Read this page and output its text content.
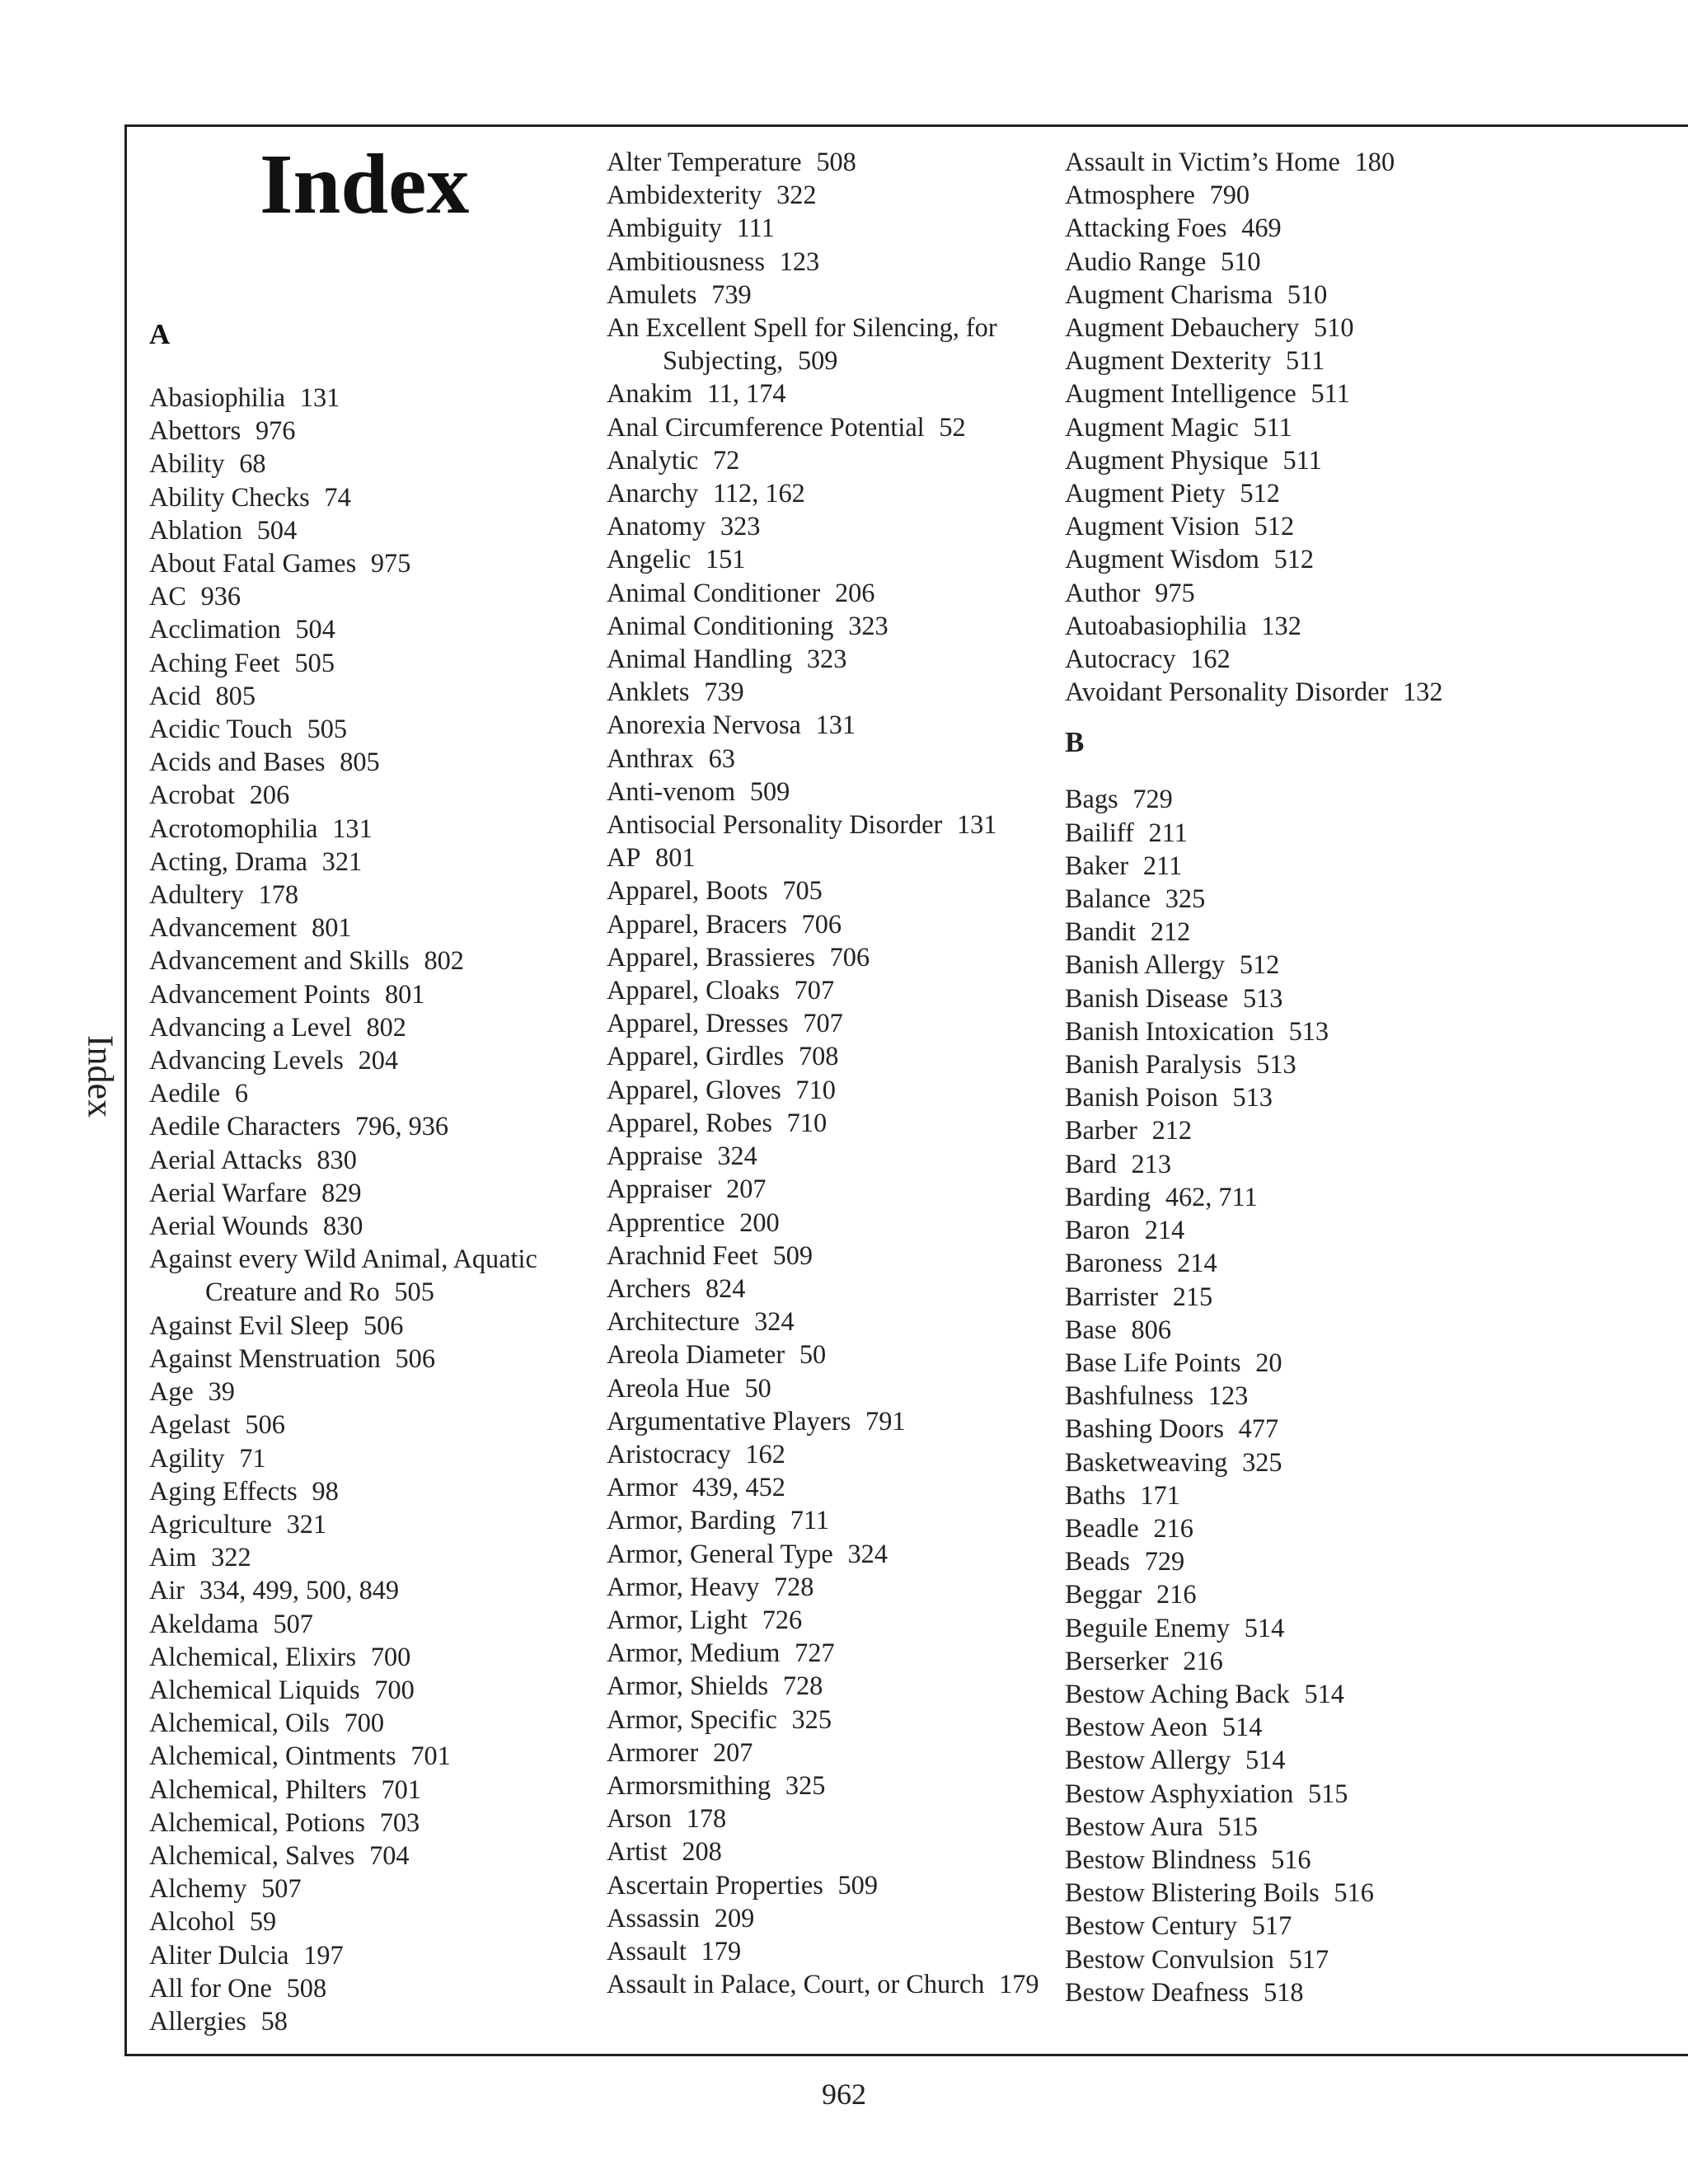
Index
Index
A
Abasiophilia 131
Abettors 976
Ability 68
Ability Checks 74
Ablation 504
About Fatal Games 975
AC 936
Acclimation 504
Aching Feet 505
Acid 805
Acidic Touch 505
Acids and Bases 805
Acrobat 206
Acrotomophilia 131
Acting, Drama 321
Adultery 178
Advancement 801
Advancement and Skills 802
Advancement Points 801
Advancing a Level 802
Advancing Levels 204
Aedile 6
Aedile Characters 796, 936
Aerial Attacks 830
Aerial Warfare 829
Aerial Wounds 830
Against every Wild Animal, Aquatic Creature and Ro 505
Against Evil Sleep 506
Against Menstruation 506
Age 39
Agelast 506
Agility 71
Aging Effects 98
Agriculture 321
Aim 322
Air 334, 499, 500, 849
Akeldama 507
Alchemical, Elixirs 700
Alchemical Liquids 700
Alchemical, Oils 700
Alchemical, Ointments 701
Alchemical, Philters 701
Alchemical, Potions 703
Alchemical, Salves 704
Alchemy 507
Alcohol 59
Aliter Dulcia 197
All for One 508
Allergies 58
Alter Temperature 508
Ambidexterity 322
Ambiguity 111
Ambitiousness 123
Amulets 739
An Excellent Spell for Silencing, for Subjecting, 509
Anakim 11, 174
Anal Circumference Potential 52
Analytic 72
Anarchy 112, 162
Anatomy 323
Angelic 151
Animal Conditioner 206
Animal Conditioning 323
Animal Handling 323
Anklets 739
Anorexia Nervosa 131
Anthrax 63
Anti-venom 509
Antisocial Personality Disorder 131
AP 801
Apparel, Boots 705
Apparel, Bracers 706
Apparel, Brassieres 706
Apparel, Cloaks 707
Apparel, Dresses 707
Apparel, Girdles 708
Apparel, Gloves 710
Apparel, Robes 710
Appraise 324
Appraiser 207
Apprentice 200
Arachnid Feet 509
Archers 824
Architecture 324
Areola Diameter 50
Areola Hue 50
Argumentative Players 791
Aristocracy 162
Armor 439, 452
Armor, Barding 711
Armor, General Type 324
Armor, Heavy 728
Armor, Light 726
Armor, Medium 727
Armor, Shields 728
Armor, Specific 325
Armorer 207
Armorsmithing 325
Arson 178
Artist 208
Ascertain Properties 509
Assassin 209
Assault 179
Assault in Palace, Court, or Church 179
Assault in Victim’s Home 180
Atmosphere 790
Attacking Foes 469
Audio Range 510
Augment Charisma 510
Augment Debauchery 510
Augment Dexterity 511
Augment Intelligence 511
Augment Magic 511
Augment Physique 511
Augment Piety 512
Augment Vision 512
Augment Wisdom 512
Author 975
Autoabasiophilia 132
Autocracy 162
Avoidant Personality Disorder 132
B
Bags 729
Bailiff 211
Baker 211
Balance 325
Bandit 212
Banish Allergy 512
Banish Disease 513
Banish Intoxication 513
Banish Paralysis 513
Banish Poison 513
Barber 212
Bard 213
Barding 462, 711
Baron 214
Baroness 214
Barrister 215
Base 806
Base Life Points 20
Bashfulness 123
Bashing Doors 477
Basketweaving 325
Baths 171
Beadle 216
Beads 729
Beggar 216
Beguile Enemy 514
Berserker 216
Bestow Aching Back 514
Bestow Aeon 514
Bestow Allergy 514
Bestow Asphyxiation 515
Bestow Aura 515
Bestow Blindness 516
Bestow Blistering Boils 516
Bestow Century 517
Bestow Convulsion 517
Bestow Deafness 518
962
